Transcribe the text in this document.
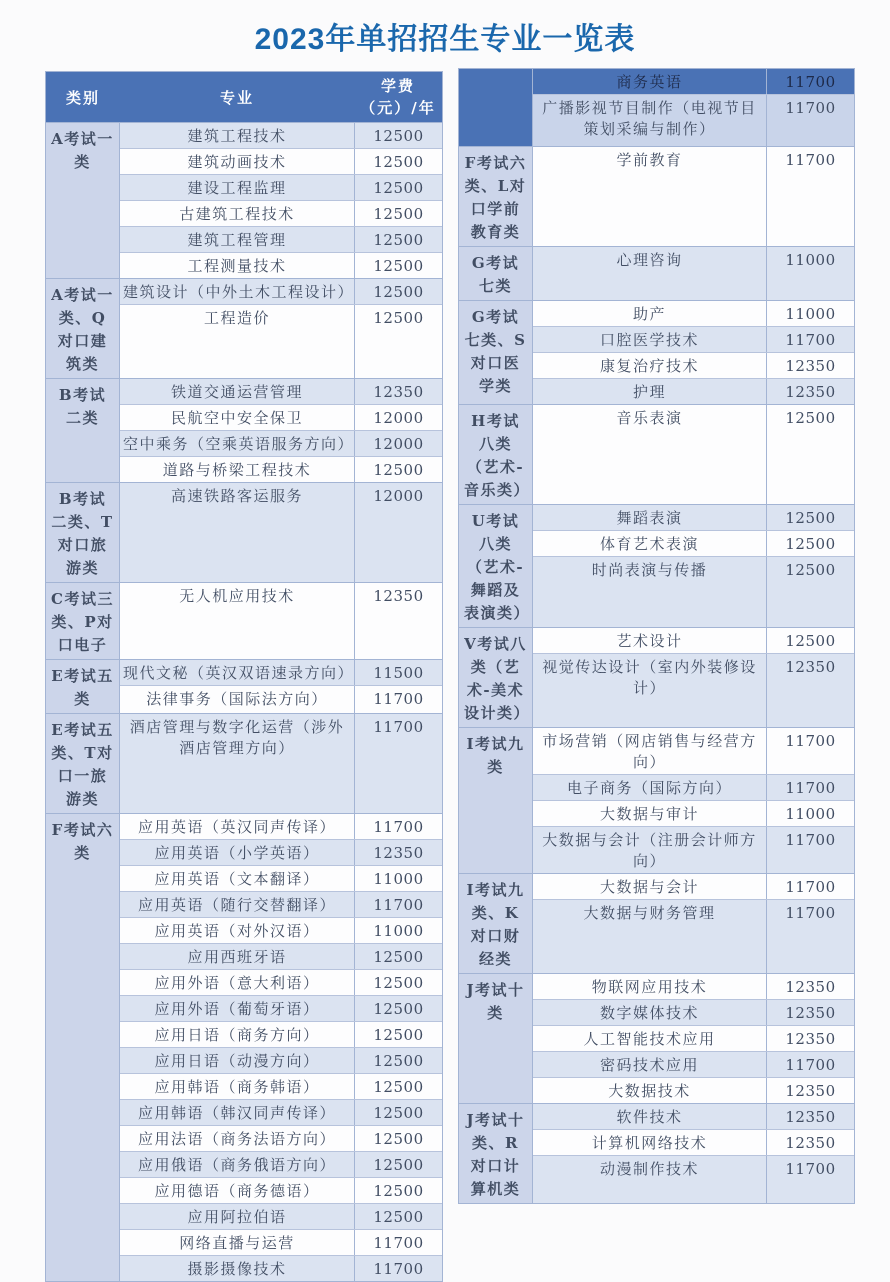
2023年单招招生专业一览表
类别	专业
学费
（元）/年
A考试一类
建筑工程技术	12500
建筑动画技术	12500
建设工程监理	12500
古建筑工程技术	12500
建筑工程管理	12500
工程测量技术	12500
A考试一类、Q对口建筑类
建筑设计（中外土木工程设计）	12500
工程造价	12500
B考试二类
铁道交通运营管理	12350
民航空中安全保卫	12000
空中乘务（空乘英语服务方向）	12000
道路与桥梁工程技术	12500
B考试二类、T对口旅游类
高速铁路客运服务	12000
C考试三类、P对口电子
无人机应用技术	12350
E考试五类
现代文秘（英汉双语速录方向）	11500
法律事务（国际法方向）	11700
E考试五类、T对口一旅游类
酒店管理与数字化运营（涉外酒店管理方向）
11700
F考试六类
应用英语（英汉同声传译）	11700
应用英语（小学英语）	12350
应用英语（文本翻译）	11000
应用英语（随行交替翻译）	11700
应用英语（对外汉语）	11000
应用西班牙语	12500
应用外语（意大利语）	12500
应用外语（葡萄牙语）	12500
应用日语（商务方向）	12500
应用日语（动漫方向）	12500
应用韩语（商务韩语）	12500
应用韩语（韩汉同声传译）	12500
应用法语（商务法语方向）	12500
应用俄语（商务俄语方向）	12500
应用德语（商务德语）	12500
应用阿拉伯语	12500
网络直播与运营	11700
摄影摄像技术	11700
商务英语	11700
广播影视节目制作（电视节目策划采编与制作）
11700
F考试六类、L对口学前教育类
学前教育	11700
G考试七类
心理咨询	11000
G考试七类、S对口医学类
助产	11000
口腔医学技术	11700
康复治疗技术	12350
护理	12350
H考试八类（艺术-音乐类）
音乐表演	12500
U考试八类（艺术-舞蹈及表演类）
舞蹈表演	12500
体育艺术表演	12500
时尚表演与传播	12500
V考试八类（艺术-美术设计类）
艺术设计	12500
视觉传达设计（室内外装修设计）
12350
I考试九类
市场营销（网店销售与经营方向）
11700
电子商务（国际方向）	11700
大数据与审计	11000
大数据与会计（注册会计师方向）
11700
I考试九类、K对口财经类
大数据与会计	11700
大数据与财务管理	11700
J考试十类
物联网应用技术	12350
数字媒体技术	12350
人工智能技术应用	12350
密码技术应用	11700
大数据技术	12350
J考试十类、R对口计算机类
软件技术	12350
计算机网络技术	12350
动漫制作技术	11700
